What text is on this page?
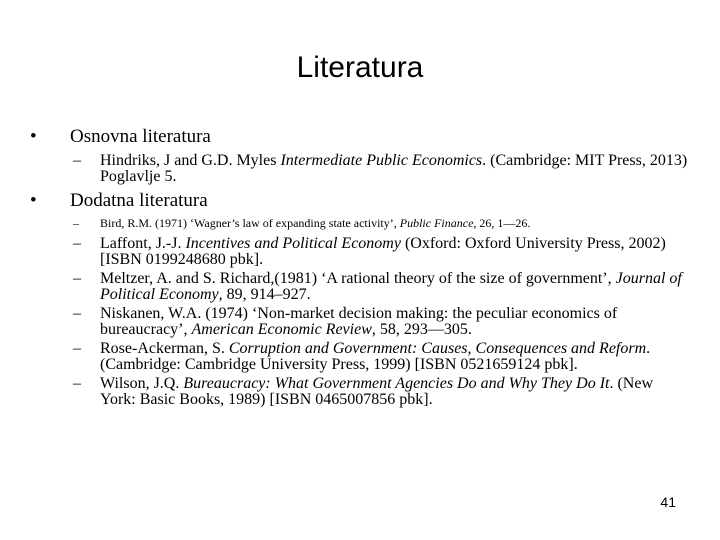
Literatura
• Osnovna literatura
– Hindriks, J and G.D. Myles Intermediate Public Economics. (Cambridge: MIT Press, 2013) Poglavlje 5.
• Dodatna literatura
– Bird, R.M. (1971) ‘Wagner’s law of expanding state activity’, Public Finance, 26, 1—26.
– Laffont, J.-J. Incentives and Political Economy (Oxford: Oxford University Press, 2002) [ISBN 0199248680 pbk].
– Meltzer, A. and S. Richard,(1981) ‘A rational theory of the size of government’, Journal of Political Economy, 89, 914–927.
– Niskanen, W.A. (1974) ‘Non-market decision making: the peculiar economics of bureaucracy’, American Economic Review, 58, 293—305.
– Rose-Ackerman, S. Corruption and Government: Causes, Consequences and Reform. (Cambridge: Cambridge University Press, 1999) [ISBN 0521659124 pbk].
– Wilson, J.Q. Bureaucracy: What Government Agencies Do and Why They Do It. (New York: Basic Books, 1989) [ISBN 0465007856 pbk].
41
